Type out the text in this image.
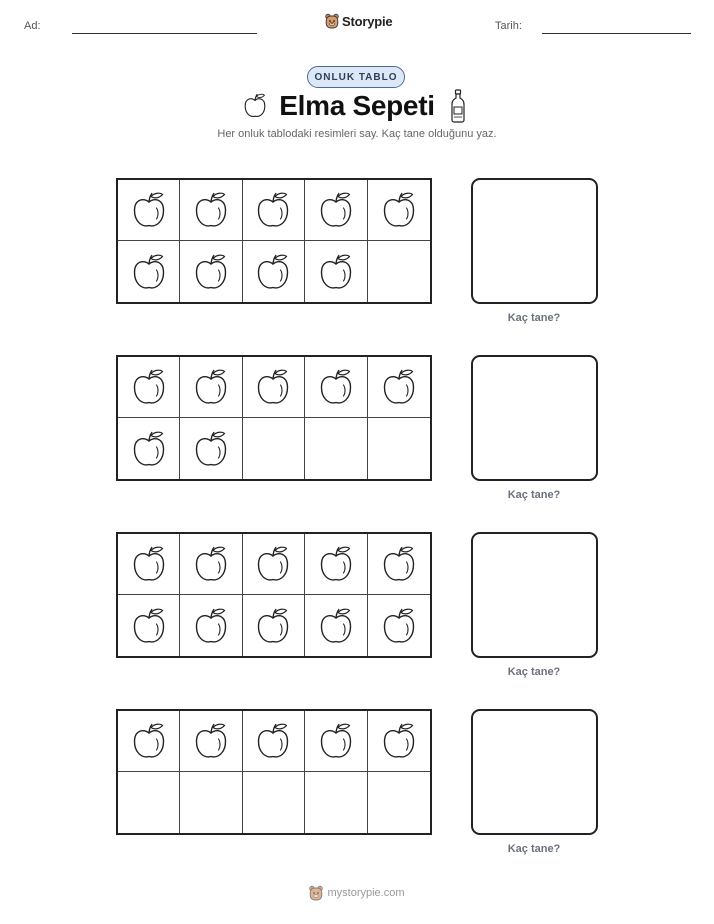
Ad:	Storypie	Tarih:
ONLUK TABLO
Elma Sepeti
Her onluk tablodaki resimleri say. Kaç tane olduğunu yaz.
Kaç tane?
Kaç tane?
Kaç tane?
Kaç tane?
mystorypie.com
